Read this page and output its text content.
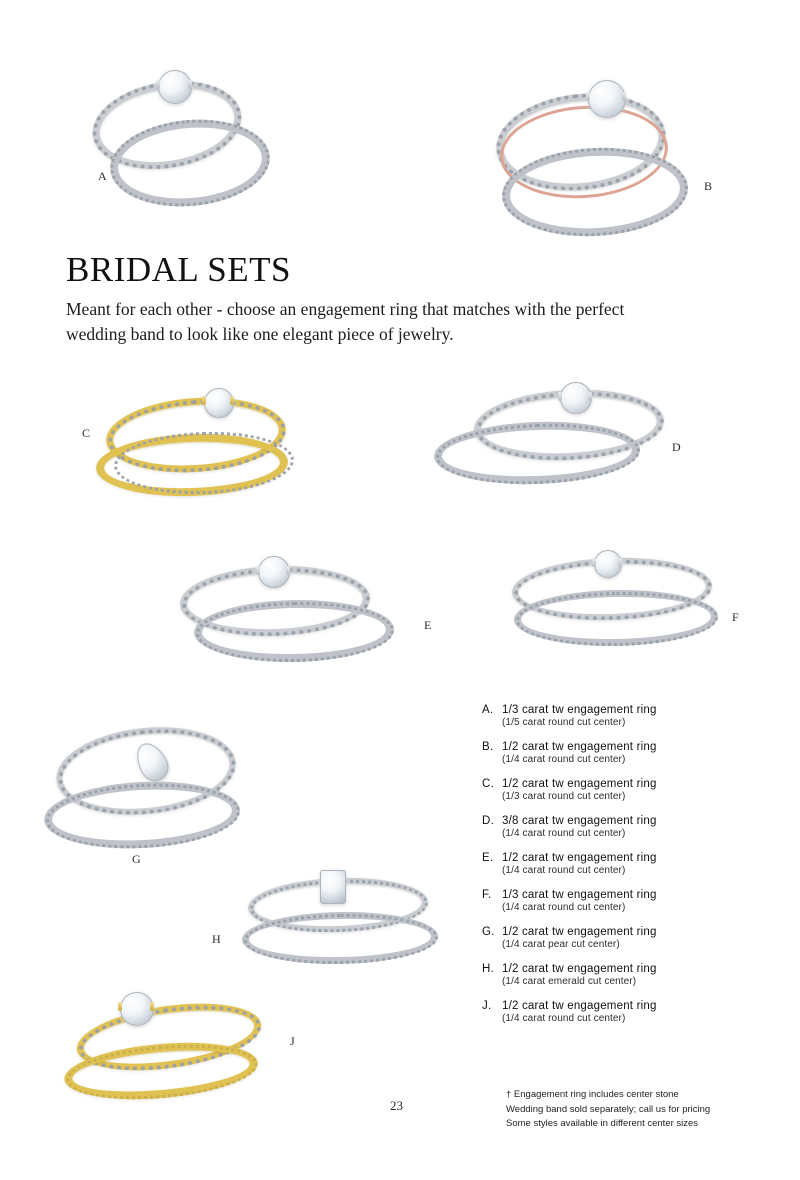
A
B
BRIDAL SETS

Meant for each other - choose an engagement ring that matches with the perfect wedding band to look like one elegant piece of jewelry.

C
D
E
F
G
H
J
A. 1/3 carat tw engagement ring
(1/5 carat round cut center)
B. 1/2 carat tw engagement ring
(1/4 carat round cut center)
C. 1/2 carat tw engagement ring
(1/3 carat round cut center)
D. 3/8 carat tw engagement ring
(1/4 carat round cut center)
E. 1/2 carat tw engagement ring
(1/4 carat round cut center)
F. 1/3 carat tw engagement ring
(1/4 carat round cut center)
G. 1/2 carat tw engagement ring
(1/4 carat pear cut center)
H. 1/2 carat tw engagement ring
(1/4 carat emerald cut center)
J. 1/2 carat tw engagement ring
(1/4 carat round cut center)
† Engagement ring includes center stone
Wedding band sold separately; call us for pricing
Some styles available in different center sizes
23
